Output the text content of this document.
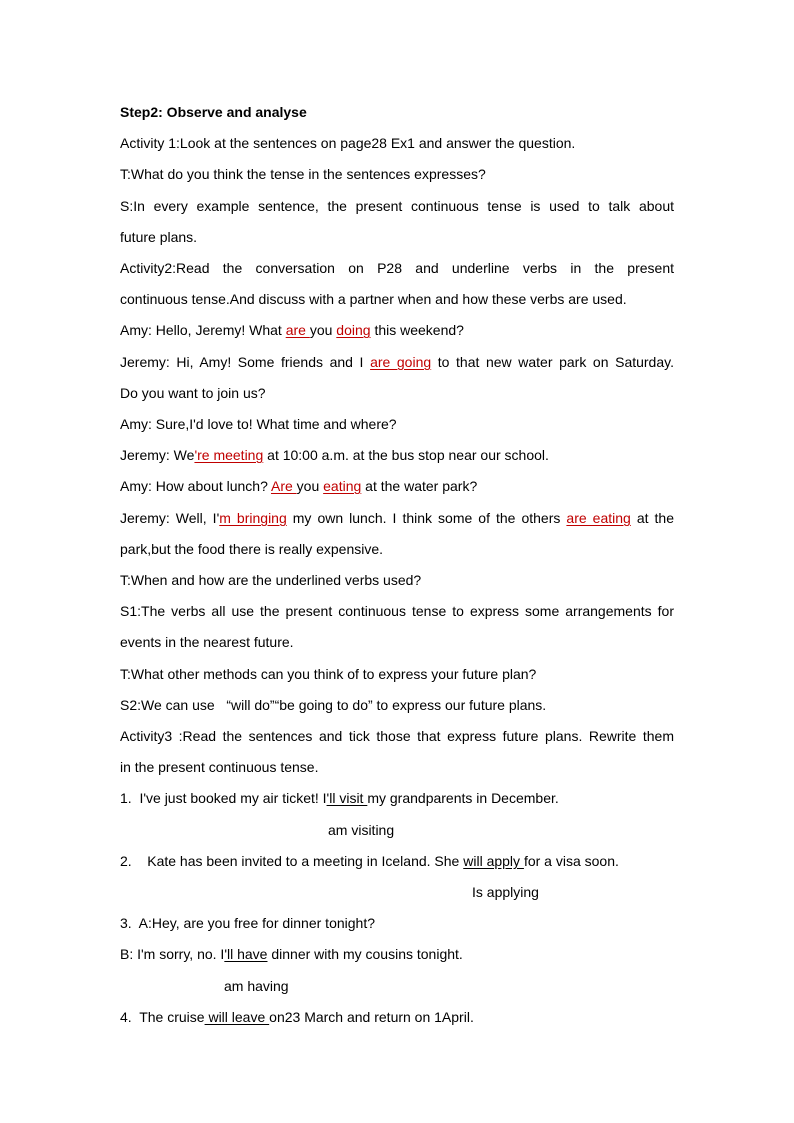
Step2: Observe and analyse
Activity 1:Look at the sentences on page28 Ex1 and answer the question.
T:What do you think the tense in the sentences expresses?
S:In every example sentence, the present continuous tense is used to talk about
future plans.
Activity2:Read the conversation on P28 and underline verbs in the present
continuous tense.And discuss with a partner when and how these verbs are used.
Amy: Hello, Jeremy! What are you doing this weekend?
Jeremy: Hi, Amy! Some friends and I are going to that new water park on Saturday.
Do you want to join us?
Amy: Sure,I'd love to! What time and where?
Jeremy: We're meeting at 10:00 a.m. at the bus stop near our school.
Amy: How about lunch? Are you eating at the water park?
Jeremy: Well, I'm bringing my own lunch. I think some of the others are eating at the
park,but the food there is really expensive.
T:When and how are the underlined verbs used?
S1:The verbs all use the present continuous tense to express some arrangements for
events in the nearest future.
T:What other methods can you think of to express your future plan?
S2:We can use   “will do”“be going to do” to express our future plans.
Activity3 :Read the sentences and tick those that express future plans. Rewrite them
in the present continuous tense.
1.  I've just booked my air ticket! I'll visit my grandparents in December.
am visiting
2.    Kate has been invited to a meeting in Iceland. She will apply for a visa soon.
Is applying
3.  A:Hey, are you free for dinner tonight?
B: I'm sorry, no. I'll have dinner with my cousins tonight.
am having
4.  The cruise will leave on23 March and return on 1April.
